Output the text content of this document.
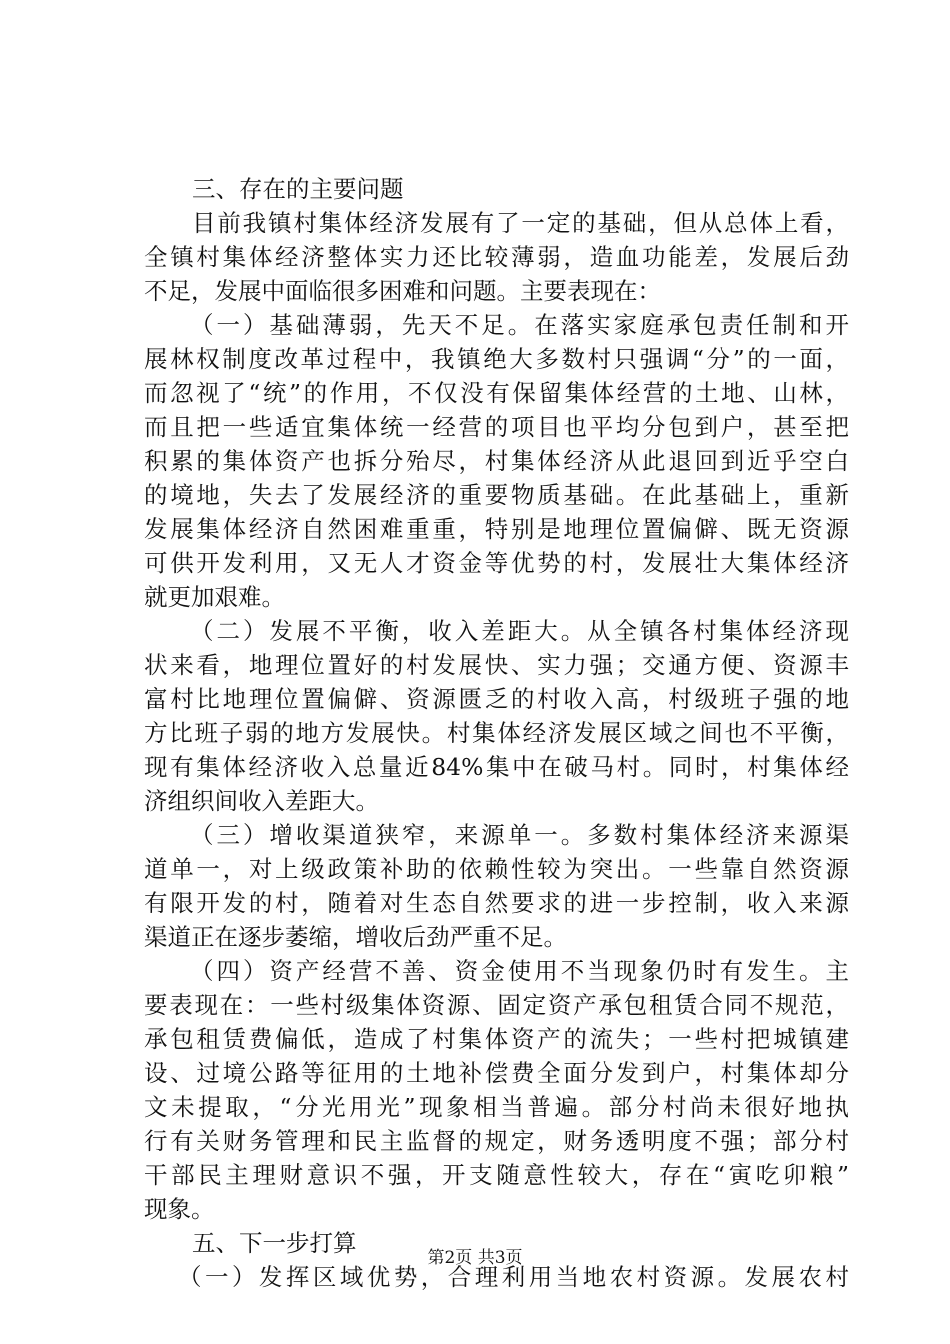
三、存在的主要问题
目前我镇村集体经济发展有了一定的基础，但从总体上看，
全镇村集体经济整体实力还比较薄弱，造血功能差，发展后劲
不足，发展中面临很多困难和问题。主要表现在：
（一）基础薄弱，先天不足。在落实家庭承包责任制和开
展林权制度改革过程中，我镇绝大多数村只强调“分”的一面，
而忽视了“统”的作用，不仅没有保留集体经营的土地、山林，
而且把一些适宜集体统一经营的项目也平均分包到户，甚至把
积累的集体资产也拆分殆尽，村集体经济从此退回到近乎空白
的境地，失去了发展经济的重要物质基础。在此基础上，重新
发展集体经济自然困难重重，特别是地理位置偏僻、既无资源
可供开发利用，又无人才资金等优势的村，发展壮大集体经济
就更加艰难。
（二）发展不平衡，收入差距大。从全镇各村集体经济现
状来看，地理位置好的村发展快、实力强；交通方便、资源丰
富村比地理位置偏僻、资源匮乏的村收入高，村级班子强的地
方比班子弱的地方发展快。村集体经济发展区域之间也不平衡，
现有集体经济收入总量近84%集中在破马村。同时，村集体经
济组织间收入差距大。
（三）增收渠道狭窄，来源单一。多数村集体经济来源渠
道单一，对上级政策补助的依赖性较为突出。一些靠自然资源
有限开发的村，随着对生态自然要求的进一步控制，收入来源
渠道正在逐步萎缩，增收后劲严重不足。
（四）资产经营不善、资金使用不当现象仍时有发生。主
要表现在：一些村级集体资源、固定资产承包租赁合同不规范，
承包租赁费偏低，造成了村集体资产的流失；一些村把城镇建
设、过境公路等征用的土地补偿费全面分发到户，村集体却分
文未提取，“分光用光”现象相当普遍。部分村尚未很好地执
行有关财务管理和民主监督的规定，财务透明度不强；部分村
干部民主理财意识不强，开支随意性较大，存在“寅吃卯粮”
现象。
五、下一步打算
（一）发挥区域优势，合理利用当地农村资源。发展农村
第2页 共3页
